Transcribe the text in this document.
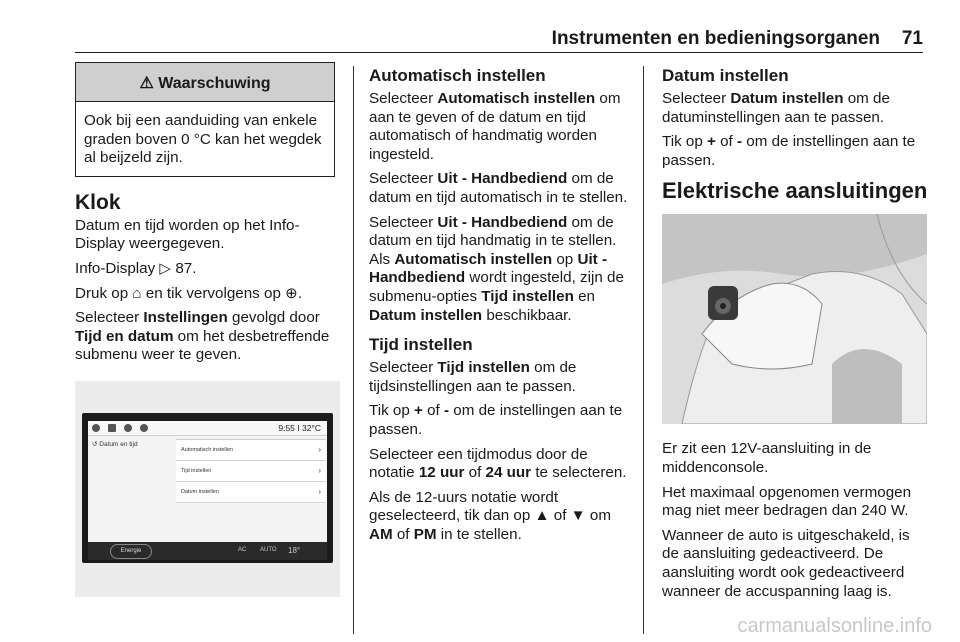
Instrumenten en bedieningsorganen 71
⚠ Waarschuwing
Ook bij een aanduiding van enkele graden boven 0 °C kan het wegdek al beijzeld zijn.
Klok

Datum en tijd worden op het Info-Display weergegeven.

Info-Display ▷ 87.

Druk op ⌂ en tik vervolgens op ⊕.

Selecteer Instellingen gevolgd door Tijd en datum om het desbetreffende submenu weer te geven.

9:55 I 32°C
↺ Datum en tijd
Automatisch instellen	›
Tijd instellen	›
Datum instellen	›
Energie	AC AUTO 18°
Automatisch instellen

Selecteer Automatisch instellen om aan te geven of de datum en tijd automatisch of handmatig worden ingesteld.

Selecteer Uit - Handbediend om de datum en tijd automatisch in te stellen.

Selecteer Uit - Handbediend om de datum en tijd handmatig in te stellen. Als Automatisch instellen op Uit - Handbediend wordt ingesteld, zijn de submenu-opties Tijd instellen en Datum instellen beschikbaar.

Tijd instellen

Selecteer Tijd instellen om de tijdsinstellingen aan te passen.

Tik op + of - om de instellingen aan te passen.

Selecteer een tijdmodus door de notatie 12 uur of 24 uur te selecteren.

Als de 12-uurs notatie wordt geselecteerd, tik dan op ▲ of ▼ om AM of PM in te stellen.

Datum instellen

Selecteer Datum instellen om de datuminstellingen aan te passen.

Tik op + of - om de instellingen aan te passen.

Elektrische aansluitingen

Er zit een 12V-aansluiting in de middenconsole.

Het maximaal opgenomen vermogen mag niet meer bedragen dan 240 W.

Wanneer de auto is uitgeschakeld, is de aansluiting gedeactiveerd. De aansluiting wordt ook gedeactiveerd wanneer de accuspanning laag is.

carmanualsonline.info
